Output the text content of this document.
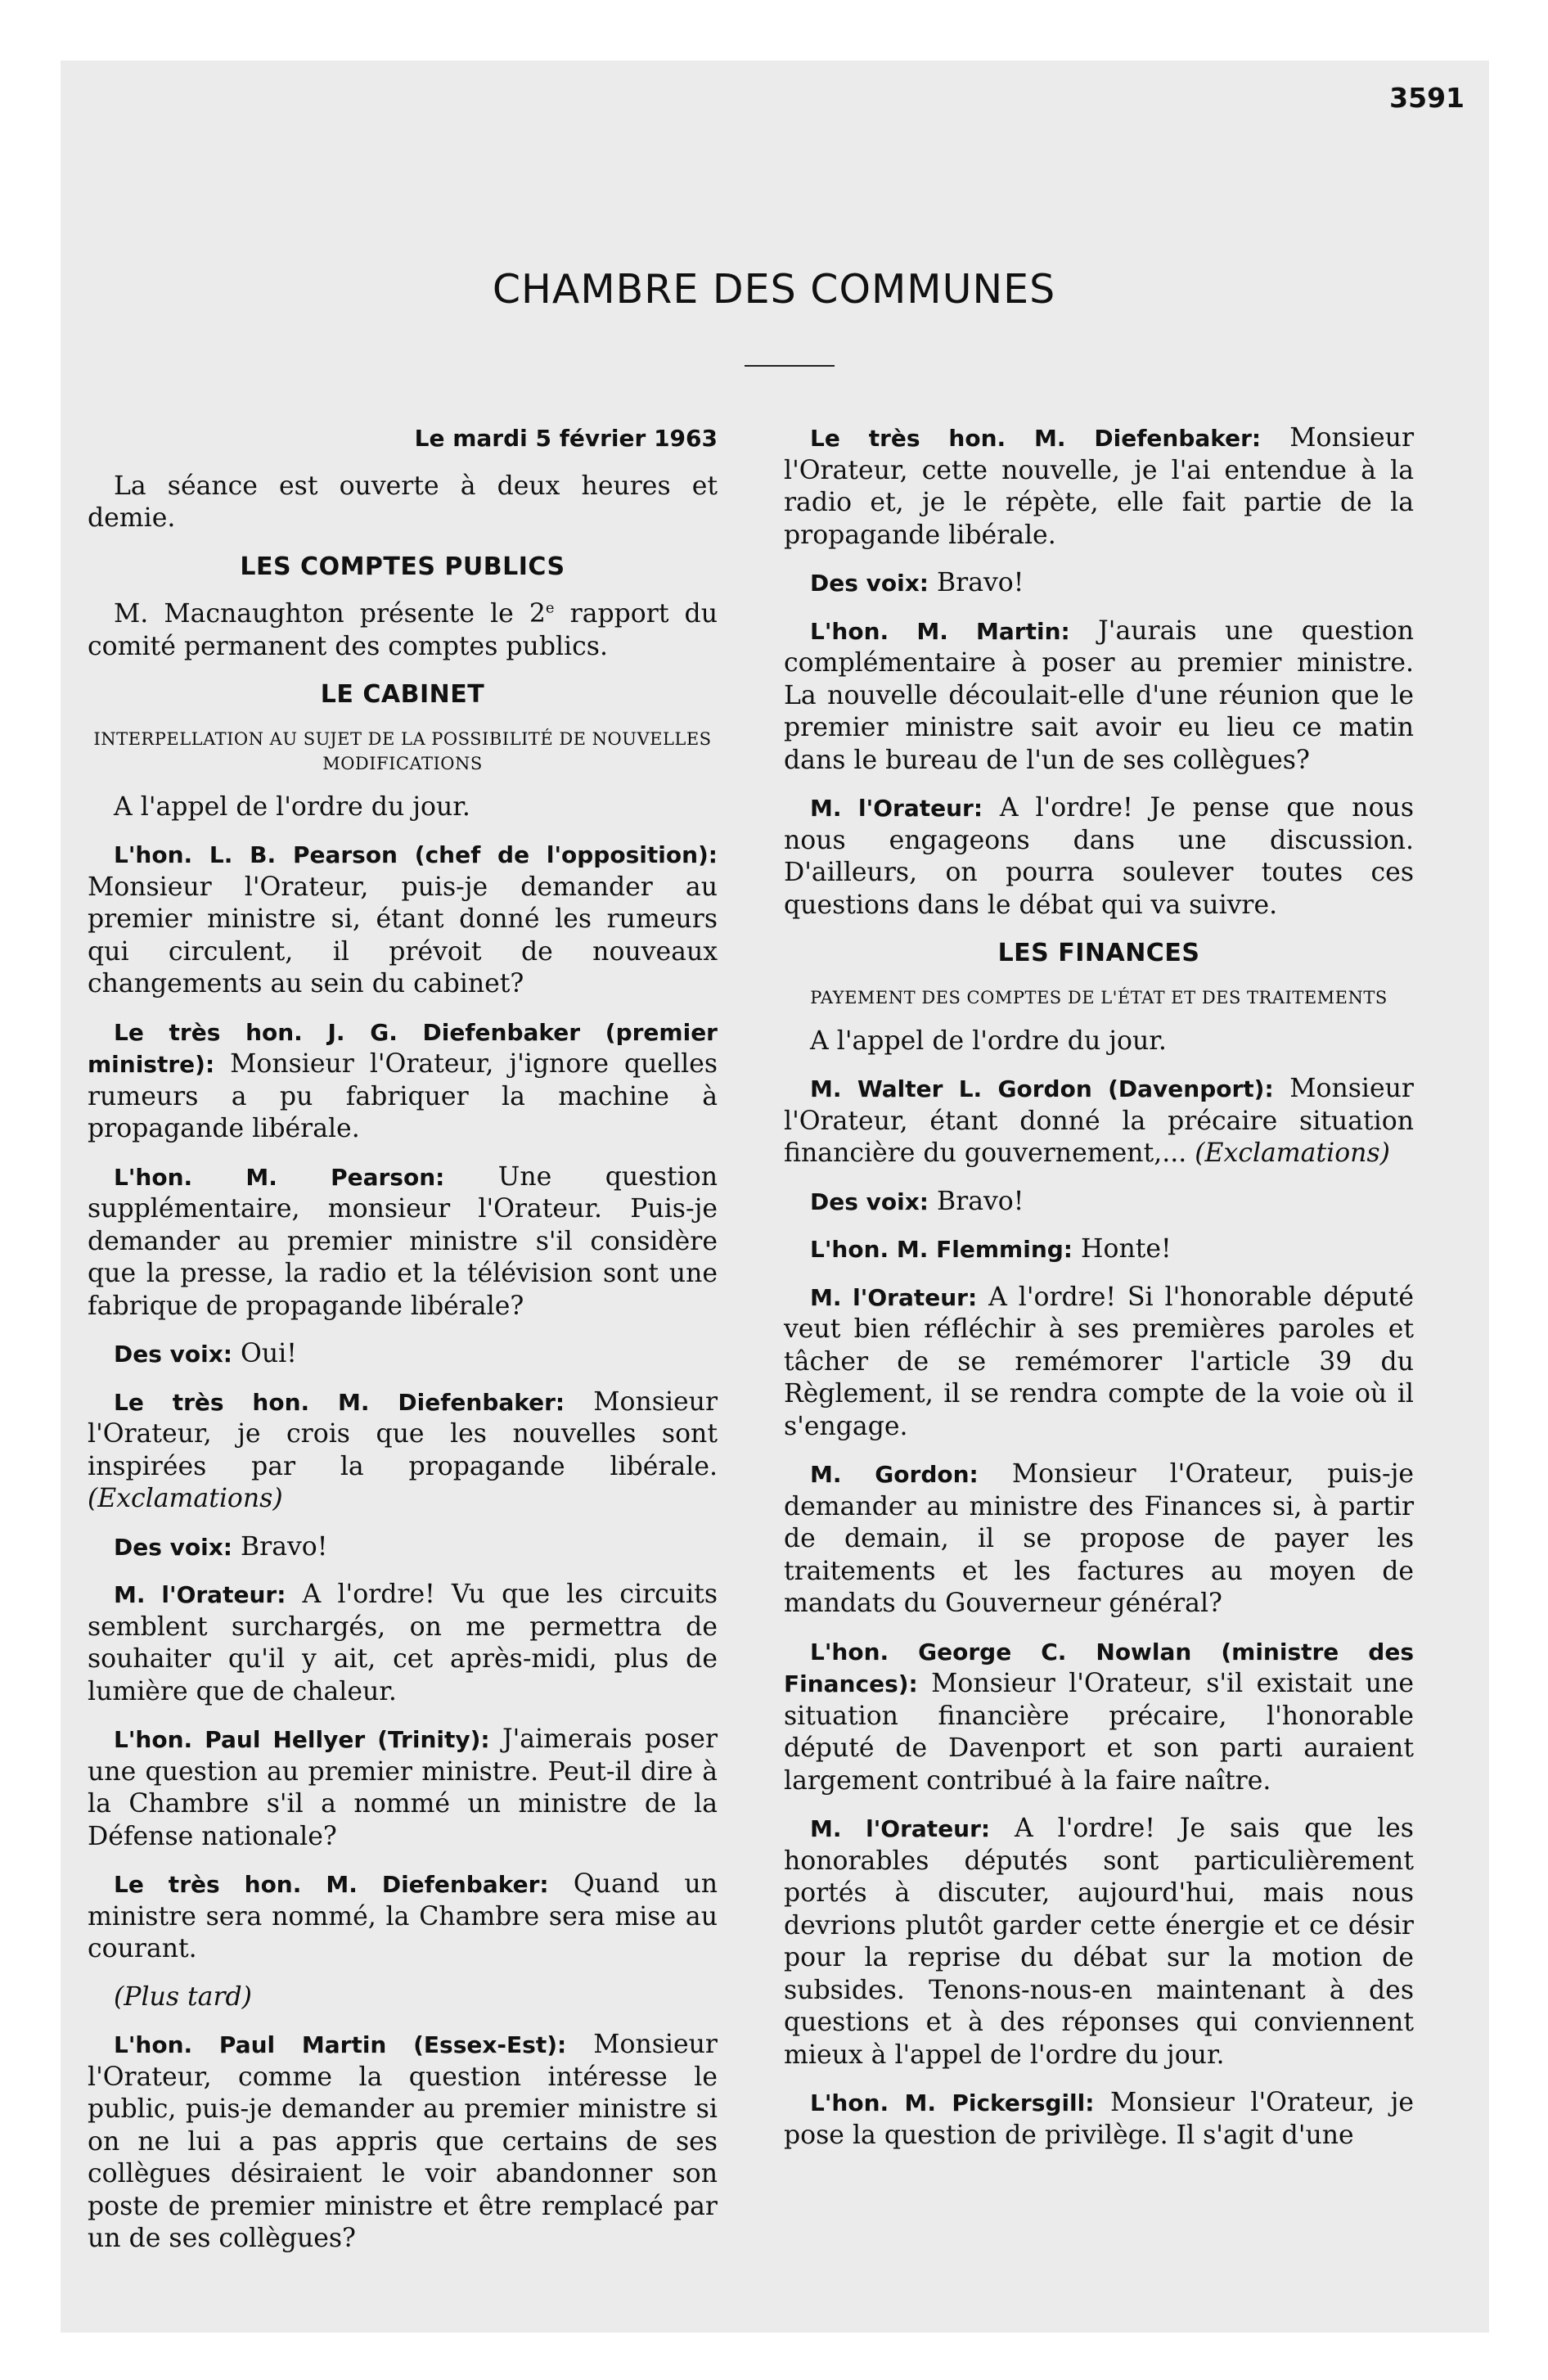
3591
CHAMBRE DES COMMUNES

Le mardi 5 février 1963

La séance est ouverte à deux heures et demie.

LES COMPTES PUBLICS

M. Macnaughton présente le 2e rapport du comité permanent des comptes publics.

LE CABINET

INTERPELLATION AU SUJET DE LA POSSIBILITÉ DE NOUVELLES MODIFICATIONS

A l'appel de l'ordre du jour.

L'hon. L. B. Pearson (chef de l'opposition): Monsieur l'Orateur, puis-je demander au premier ministre si, étant donné les rumeurs qui circulent, il prévoit de nouveaux changements au sein du cabinet?

Le très hon. J. G. Diefenbaker (premier ministre): Monsieur l'Orateur, j'ignore quelles rumeurs a pu fabriquer la machine à propagande libérale.

L'hon. M. Pearson: Une question supplémentaire, monsieur l'Orateur. Puis-je demander au premier ministre s'il considère que la presse, la radio et la télévision sont une fabrique de propagande libérale?

Des voix: Oui!

Le très hon. M. Diefenbaker: Monsieur l'Orateur, je crois que les nouvelles sont inspirées par la propagande libérale. (Exclamations)

Des voix: Bravo!

M. l'Orateur: A l'ordre! Vu que les circuits semblent surchargés, on me permettra de souhaiter qu'il y ait, cet après-midi, plus de lumière que de chaleur.

L'hon. Paul Hellyer (Trinity): J'aimerais poser une question au premier ministre. Peut-il dire à la Chambre s'il a nommé un ministre de la Défense nationale?

Le très hon. M. Diefenbaker: Quand un ministre sera nommé, la Chambre sera mise au courant.

(Plus tard)

L'hon. Paul Martin (Essex-Est): Monsieur l'Orateur, comme la question intéresse le public, puis-je demander au premier ministre si on ne lui a pas appris que certains de ses collègues désiraient le voir abandonner son poste de premier ministre et être remplacé par un de ses collègues?

Le très hon. M. Diefenbaker: Monsieur l'Orateur, cette nouvelle, je l'ai entendue à la radio et, je le répète, elle fait partie de la propagande libérale.

Des voix: Bravo!

L'hon. M. Martin: J'aurais une question complémentaire à poser au premier ministre. La nouvelle découlait-elle d'une réunion que le premier ministre sait avoir eu lieu ce matin dans le bureau de l'un de ses collègues?

M. l'Orateur: A l'ordre! Je pense que nous nous engageons dans une discussion. D'ailleurs, on pourra soulever toutes ces questions dans le débat qui va suivre.

LES FINANCES

PAYEMENT DES COMPTES DE L'ÉTAT ET DES TRAITEMENTS

A l'appel de l'ordre du jour.

M. Walter L. Gordon (Davenport): Monsieur l'Orateur, étant donné la précaire situation financière du gouvernement,... (Exclamations)

Des voix: Bravo!

L'hon. M. Flemming: Honte!

M. l'Orateur: A l'ordre! Si l'honorable député veut bien réfléchir à ses premières paroles et tâcher de se remémorer l'article 39 du Règlement, il se rendra compte de la voie où il s'engage.

M. Gordon: Monsieur l'Orateur, puis-je demander au ministre des Finances si, à partir de demain, il se propose de payer les traitements et les factures au moyen de mandats du Gouverneur général?

L'hon. George C. Nowlan (ministre des Finances): Monsieur l'Orateur, s'il existait une situation financière précaire, l'honorable député de Davenport et son parti auraient largement contribué à la faire naître.

M. l'Orateur: A l'ordre! Je sais que les honorables députés sont particulièrement portés à discuter, aujourd'hui, mais nous devrions plutôt garder cette énergie et ce désir pour la reprise du débat sur la motion de subsides. Tenons-nous-en maintenant à des questions et à des réponses qui conviennent mieux à l'appel de l'ordre du jour.

L'hon. M. Pickersgill: Monsieur l'Orateur, je pose la question de privilège. Il s'agit d'une
